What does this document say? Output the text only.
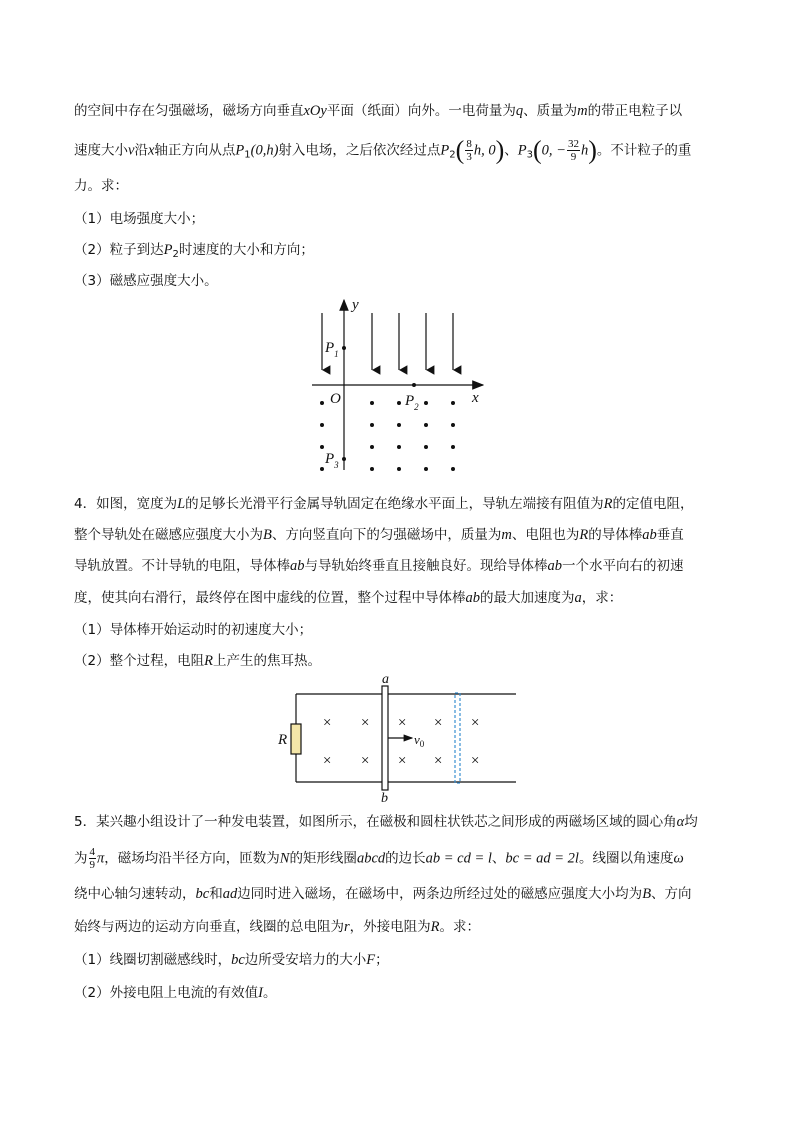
的空间中存在匀强磁场，磁场方向垂直xOy平面（纸面）向外。一电荷量为q、质量为m的带正电粒子以
速度大小v沿x轴正方向从点$P_1(0,h)$射入电场，之后依次经过点$P_2( \frac{8}{3} h$, 0)、$P_3(0$, − $\frac{32}{9} h$)。不计粒子的重
力。求：
（1）电场强度大小；
（2）粒子到达$P_2$时速度的大小和方向；
（3）磁感应强度大小。
y
x
O
$P_1$
$P_2$
$P_3$
4．如图，宽度为L的足够长光滑平行金属导轨固定在绝缘水平面上，导轨左端接有阻值为R的定值电阻，
整个导轨处在磁感应强度大小为B、方向竖直向下的匀强磁场中，质量为m、电阻也为R的导体棒ab垂直
导轨放置。不计导轨的电阻，导体棒ab与导轨始终垂直且接触良好。现给导体棒ab一个水平向右的初速
度，使其向右滑行，最终停在图中虚线的位置，整个过程中导体棒ab的最大加速度为a，求：
（1）导体棒开始运动时的初速度大小；
（2）整个过程，电阻R上产生的焦耳热。
R
a
b
$v_0$
× × × × ×
× × × × ×
5．某兴趣小组设计了一种发电装置，如图所示，在磁极和圆柱状铁芯之间形成的两磁场区域的圆心角α均
为 $\frac{4}{9}$ π，磁场均沿半径方向，匝数为N的矩形线圈abcd的边长ab = cd = l、bc = ad = 2l。线圈以角速度ω
绕中心轴匀速转动，bc和ad边同时进入磁场，在磁场中，两条边所经过处的磁感应强度大小均为B、方向
始终与两边的运动方向垂直，线圈的总电阻为r，外接电阻为R。求：
（1）线圈切割磁感线时，bc边所受安培力的大小F；
（2）外接电阻上电流的有效值I。
